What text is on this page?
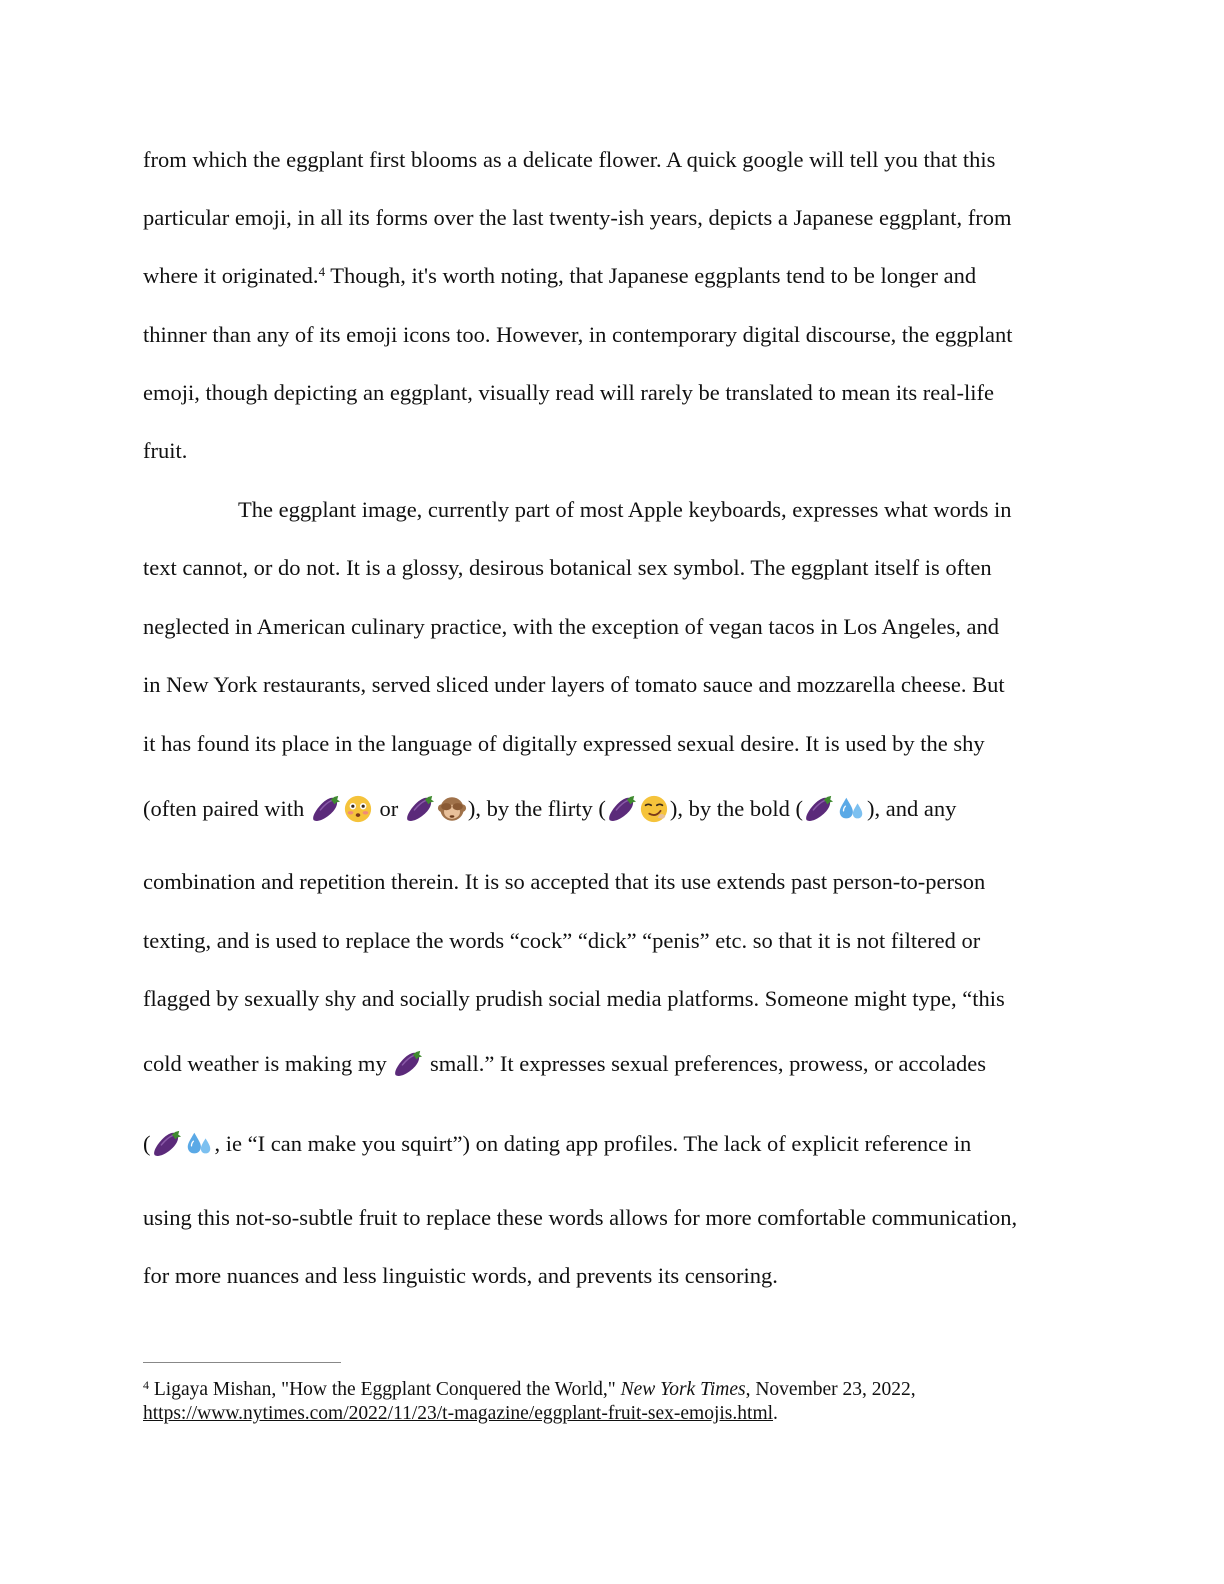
from which the eggplant first blooms as a delicate flower. A quick google will tell you that this
particular emoji, in all its forms over the last twenty-ish years, depicts a Japanese eggplant, from
where it originated.$^4$ Though, it's worth noting, that Japanese eggplants tend to be longer and
thinner than any of its emoji icons too. However, in contemporary digital discourse, the eggplant
emoji, though depicting an eggplant, visually read will rarely be translated to mean its real-life
fruit.
The eggplant image, currently part of most Apple keyboards, expresses what words in
text cannot, or do not. It is a glossy, desirous botanical sex symbol. The eggplant itself is often
neglected in American culinary practice, with the exception of vegan tacos in Los Angeles, and
in New York restaurants, served sliced under layers of tomato sauce and mozzarella cheese. But
it has found its place in the language of digitally expressed sexual desire. It is used by the shy
(often paired with	or	), by the flirty (	), by the bold (	), and any
combination and repetition therein. It is so accepted that its use extends past person-to-person
texting, and is used to replace the words “cock” “dick” “penis” etc. so that it is not filtered or
flagged by sexually shy and socially prudish social media platforms. Someone might type, “this
cold weather is making my
small.” It expresses sexual preferences, prowess, or accolades
(	, ie “I can make you squirt”) on dating app profiles. The lack of explicit reference in
using this not-so-subtle fruit to replace these words allows for more comfortable communication,
for more nuances and less linguistic words, and prevents its censoring.
$^4$ Ligaya Mishan, "How the Eggplant Conquered the World," New York Times, November 23, 2022,
https://www.nytimes.com/2022/11/23/t-magazine/eggplant-fruit-sex-emojis.html.
